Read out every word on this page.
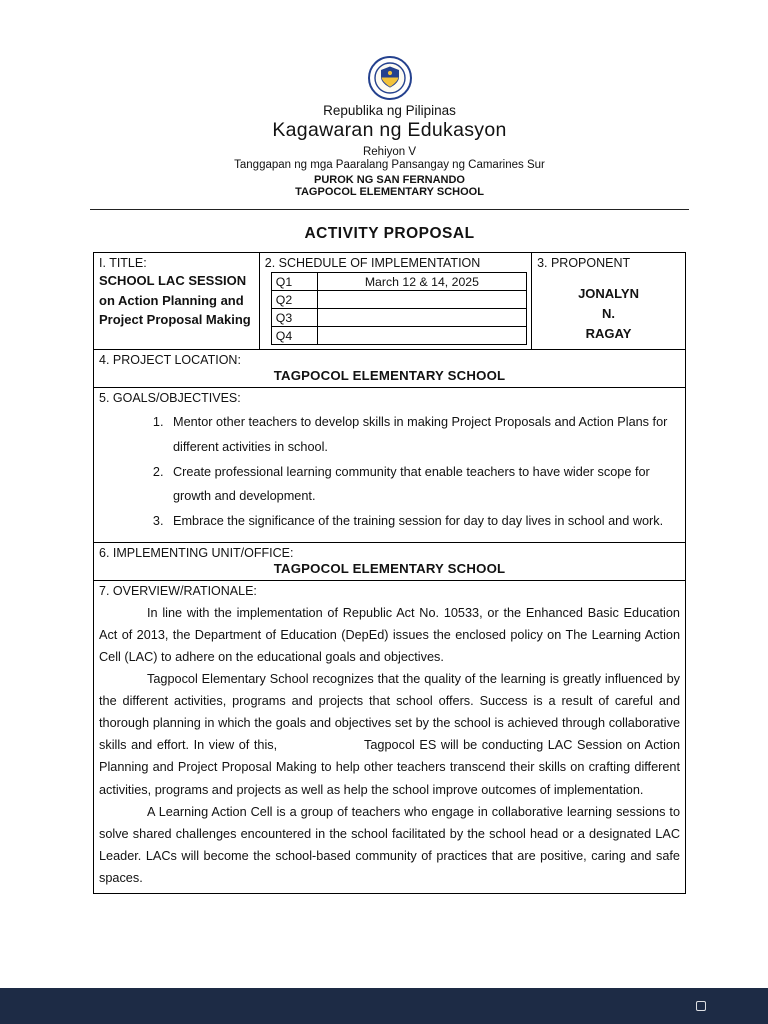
Republika ng Pilipinas
Kagawaran ng Edukasyon
Rehiyon V
Tanggapan ng mga Paaralang Pansangay ng Camarines Sur
PUROK NG SAN FERNANDO
TAGPOCOL ELEMENTARY SCHOOL
ACTIVITY PROPOSAL
I. TITLE:
SCHOOL LAC SESSION on Action Planning and Project Proposal Making

2. SCHEDULE OF IMPLEMENTATION
Q1	March 12 & 14, 2025
Q2	
Q3	
Q4	

3. PROPONENT
JONALYN
N.
RAGAY

4. PROJECT LOCATION:
TAGPOCOL ELEMENTARY SCHOOL

5. GOALS/OBJECTIVES:
1. Mentor other teachers to develop skills in making Project Proposals and Action Plans for different activities in school.
2. Create professional learning community that enable teachers to have wider scope for growth and development.
3. Embrace the significance of the training session for day to day lives in school and work.

6. IMPLEMENTING UNIT/OFFICE:
TAGPOCOL ELEMENTARY SCHOOL

7. OVERVIEW/RATIONALE:

In line with the implementation of Republic Act No. 10533, or the Enhanced Basic Education Act of 2013, the Department of Education (DepEd) issues the enclosed policy on The Learning Action Cell (LAC) to adhere on the educational goals and objectives.

Tagpocol Elementary School recognizes that the quality of the learning is greatly influenced by the different activities, programs and projects that school offers. Success is a result of careful and thorough planning in which the goals and objectives set by the school is achieved through collaborative skills and effort. In view of this,                   Tagpocol ES will be conducting LAC Session on Action Planning and Project Proposal Making to help other teachers transcend their skills on crafting different activities, programs and projects as well as help the school improve outcomes of implementation.

A Learning Action Cell is a group of teachers who engage in collaborative learning sessions to solve shared challenges encountered in the school facilitated by the school head or a designated LAC Leader. LACs will become the school-based community of practices that are positive, caring and safe spaces.
